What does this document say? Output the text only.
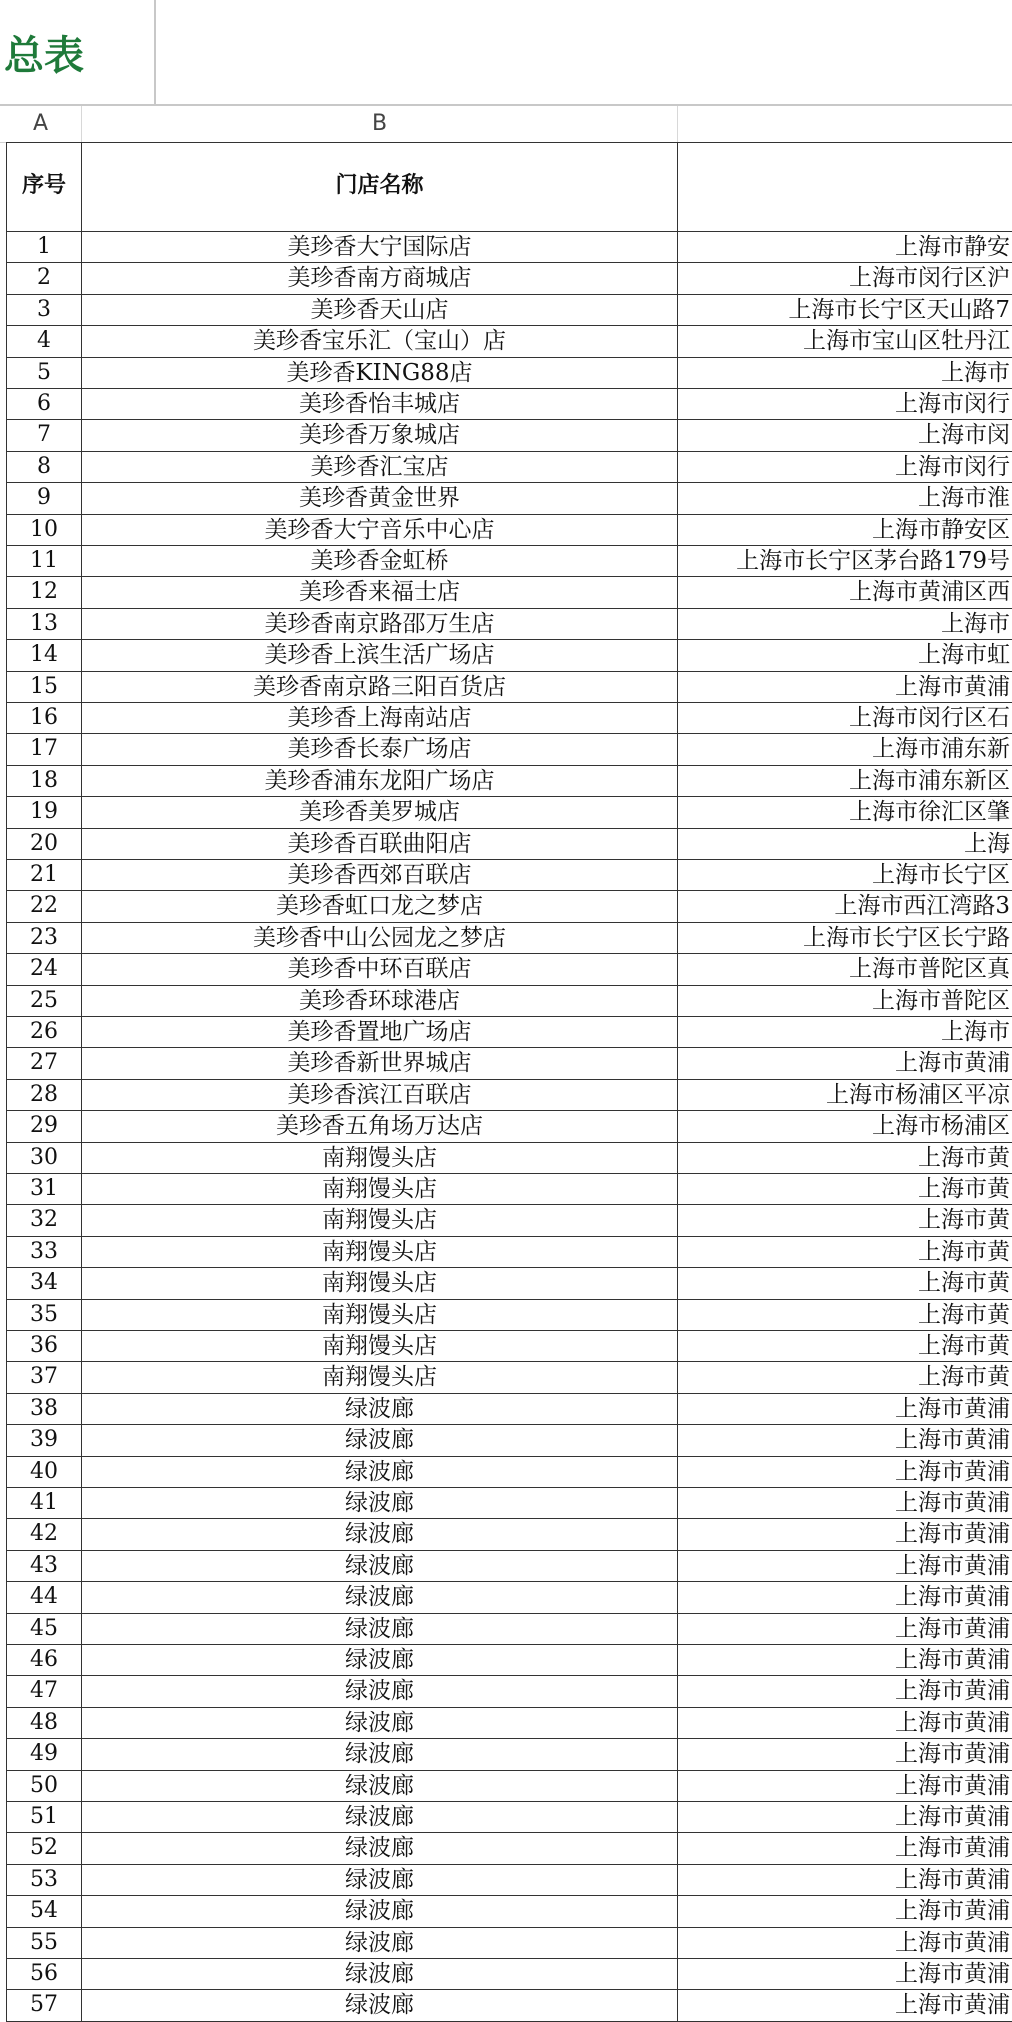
总表
A	B
序号	门店名称
1	美珍香大宁国际店	上海市静安
2	美珍香南方商城店	上海市闵行区沪
3	美珍香天山店	上海市长宁区天山路7
4	美珍香宝乐汇（宝山）店	上海市宝山区牡丹江
5	美珍香KING88店	上海市
6	美珍香怡丰城店	上海市闵行
7	美珍香万象城店	上海市闵
8	美珍香汇宝店	上海市闵行
9	美珍香黄金世界	上海市淮
10	美珍香大宁音乐中心店	上海市静安区
11	美珍香金虹桥	上海市长宁区茅台路179号
12	美珍香来福士店	上海市黄浦区西
13	美珍香南京路邵万生店	上海市
14	美珍香上滨生活广场店	上海市虹
15	美珍香南京路三阳百货店	上海市黄浦
16	美珍香上海南站店	上海市闵行区石
17	美珍香长泰广场店	上海市浦东新
18	美珍香浦东龙阳广场店	上海市浦东新区
19	美珍香美罗城店	上海市徐汇区肇
20	美珍香百联曲阳店	上海
21	美珍香西郊百联店	上海市长宁区
22	美珍香虹口龙之梦店	上海市西江湾路3
23	美珍香中山公园龙之梦店	上海市长宁区长宁路
24	美珍香中环百联店	上海市普陀区真
25	美珍香环球港店	上海市普陀区
26	美珍香置地广场店	上海市
27	美珍香新世界城店	上海市黄浦
28	美珍香滨江百联店	上海市杨浦区平凉
29	美珍香五角场万达店	上海市杨浦区
30	南翔馒头店	上海市黄
31	南翔馒头店	上海市黄
32	南翔馒头店	上海市黄
33	南翔馒头店	上海市黄
34	南翔馒头店	上海市黄
35	南翔馒头店	上海市黄
36	南翔馒头店	上海市黄
37	南翔馒头店	上海市黄
38	绿波廊	上海市黄浦
39	绿波廊	上海市黄浦
40	绿波廊	上海市黄浦
41	绿波廊	上海市黄浦
42	绿波廊	上海市黄浦
43	绿波廊	上海市黄浦
44	绿波廊	上海市黄浦
45	绿波廊	上海市黄浦
46	绿波廊	上海市黄浦
47	绿波廊	上海市黄浦
48	绿波廊	上海市黄浦
49	绿波廊	上海市黄浦
50	绿波廊	上海市黄浦
51	绿波廊	上海市黄浦
52	绿波廊	上海市黄浦
53	绿波廊	上海市黄浦
54	绿波廊	上海市黄浦
55	绿波廊	上海市黄浦
56	绿波廊	上海市黄浦
57	绿波廊	上海市黄浦
